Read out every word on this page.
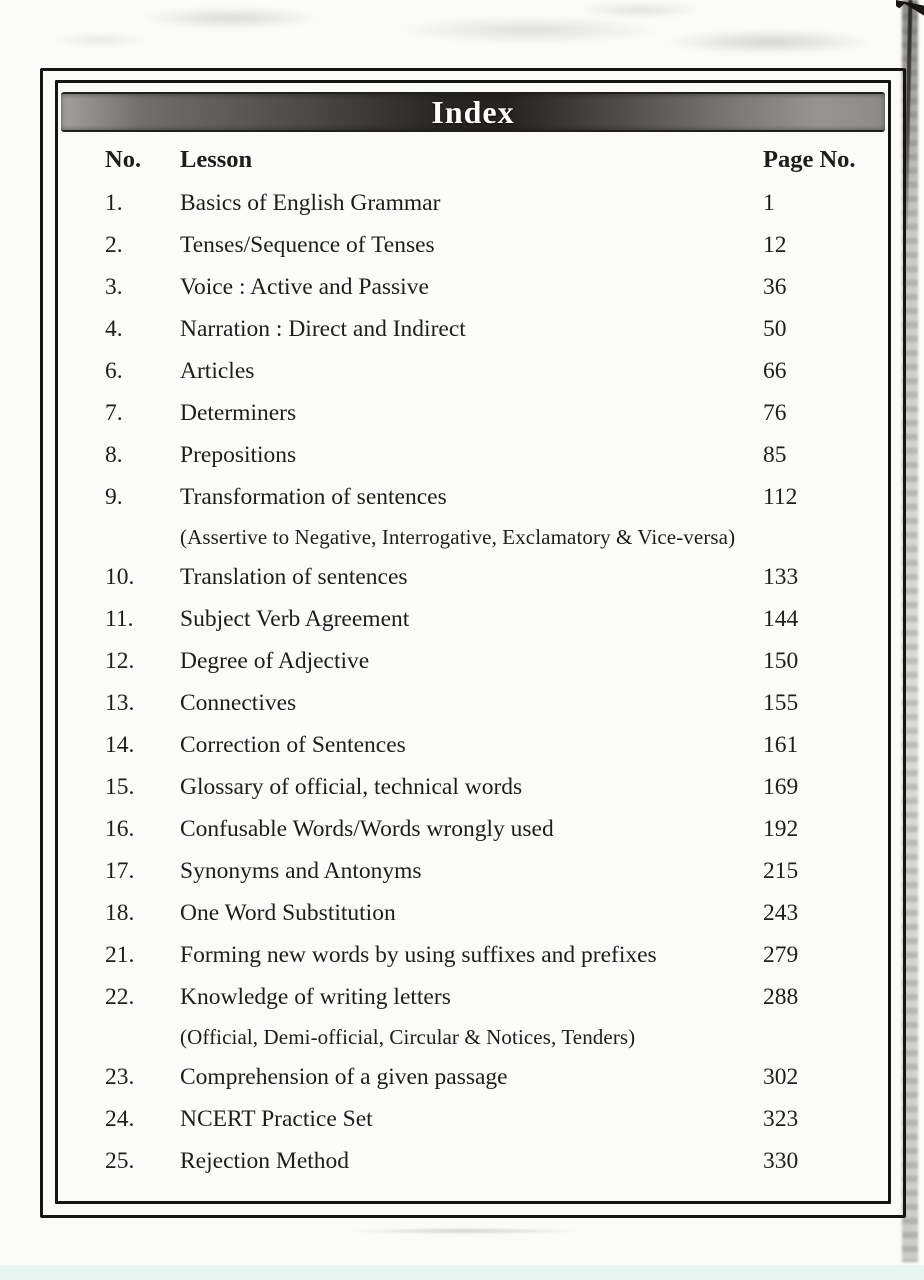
Index
No.	Lesson	Page No.
1.	Basics of English Grammar	1
2.	Tenses/Sequence of Tenses	12
3.	Voice : Active and Passive	36
4.	Narration : Direct and Indirect	50
6.	Articles	66
7.	Determiners	76
8.	Prepositions	85
9.	Transformation of sentences	112
(Assertive to Negative, Interrogative, Exclamatory & Vice-versa)
10.	Translation of sentences	133
11.	Subject Verb Agreement	144
12.	Degree of Adjective	150
13.	Connectives	155
14.	Correction of Sentences	161
15.	Glossary of official, technical words	169
16.	Confusable Words/Words wrongly used	192
17.	Synonyms and Antonyms	215
18.	One Word Substitution	243
21.	Forming new words by using suffixes and prefixes	279
22.	Knowledge of writing letters	288
(Official, Demi-official, Circular & Notices, Tenders)
23.	Comprehension of a given passage	302
24.	NCERT Practice Set	323
25.	Rejection Method	330
